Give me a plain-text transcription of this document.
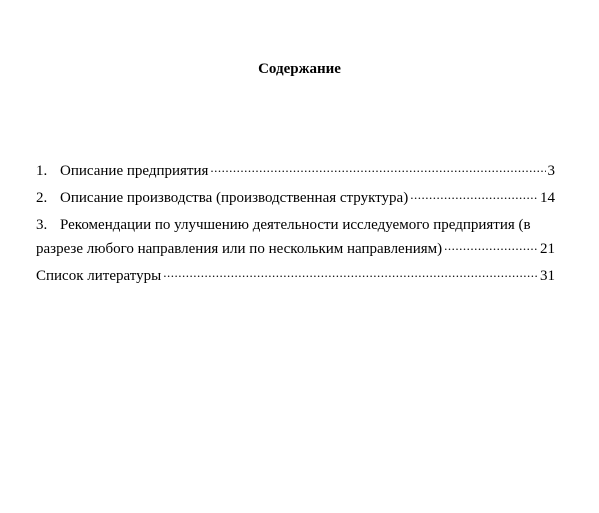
Содержание
1. Описание предприятия .....	3
2. Описание производства (производственная структура) .....	14
3. Рекомендации по улучшению деятельности исследуемого предприятия (в
разрезе любого направления или по нескольким направлениям) .....	21
Список литературы .....	31
